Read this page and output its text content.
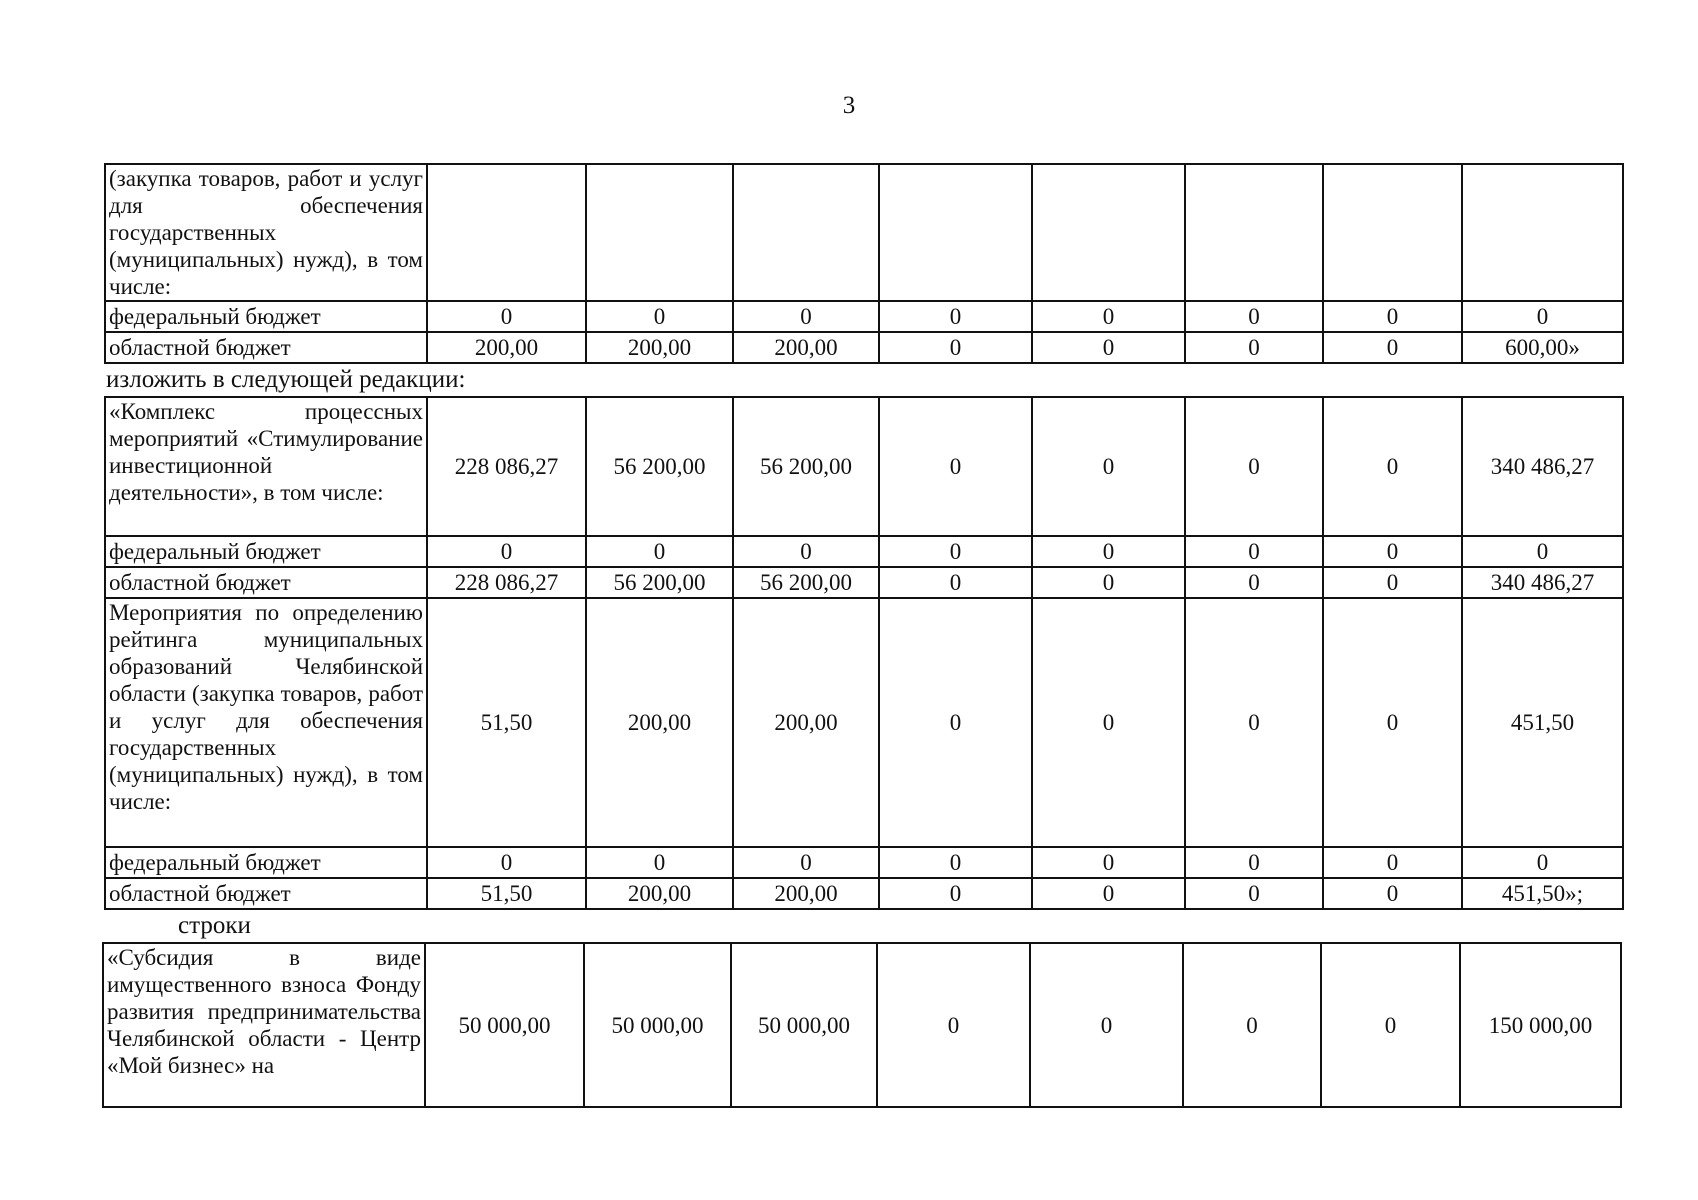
3
(закупка товаров, работ и услуг для обеспечения государственных (муниципальных) нужд), в том числе:								
федеральный бюджет	0	0	0	0	0	0	0	0
областной бюджет	200,00	200,00	200,00	0	0	0	0	600,00»
изложить в следующей редакции:
«Комплекс процессных мероприятий «Стимулирование инвестиционной деятельности», в том числе:	228 086,27	56 200,00	56 200,00	0	0	0	0	340 486,27
федеральный бюджет	0	0	0	0	0	0	0	0
областной бюджет	228 086,27	56 200,00	56 200,00	0	0	0	0	340 486,27
Мероприятия по определению рейтинга муниципальных образований Челябинской области (закупка товаров, работ и услуг для обеспечения государственных (муниципальных) нужд), в том числе:	51,50	200,00	200,00	0	0	0	0	451,50
федеральный бюджет	0	0	0	0	0	0	0	0
областной бюджет	51,50	200,00	200,00	0	0	0	0	451,50»;
строки
«Субсидия в виде имущественного взноса Фонду развития предпринимательства Челябинской области - Центр «Мой бизнес» на	50 000,00	50 000,00	50 000,00	0	0	0	0	150 000,00
